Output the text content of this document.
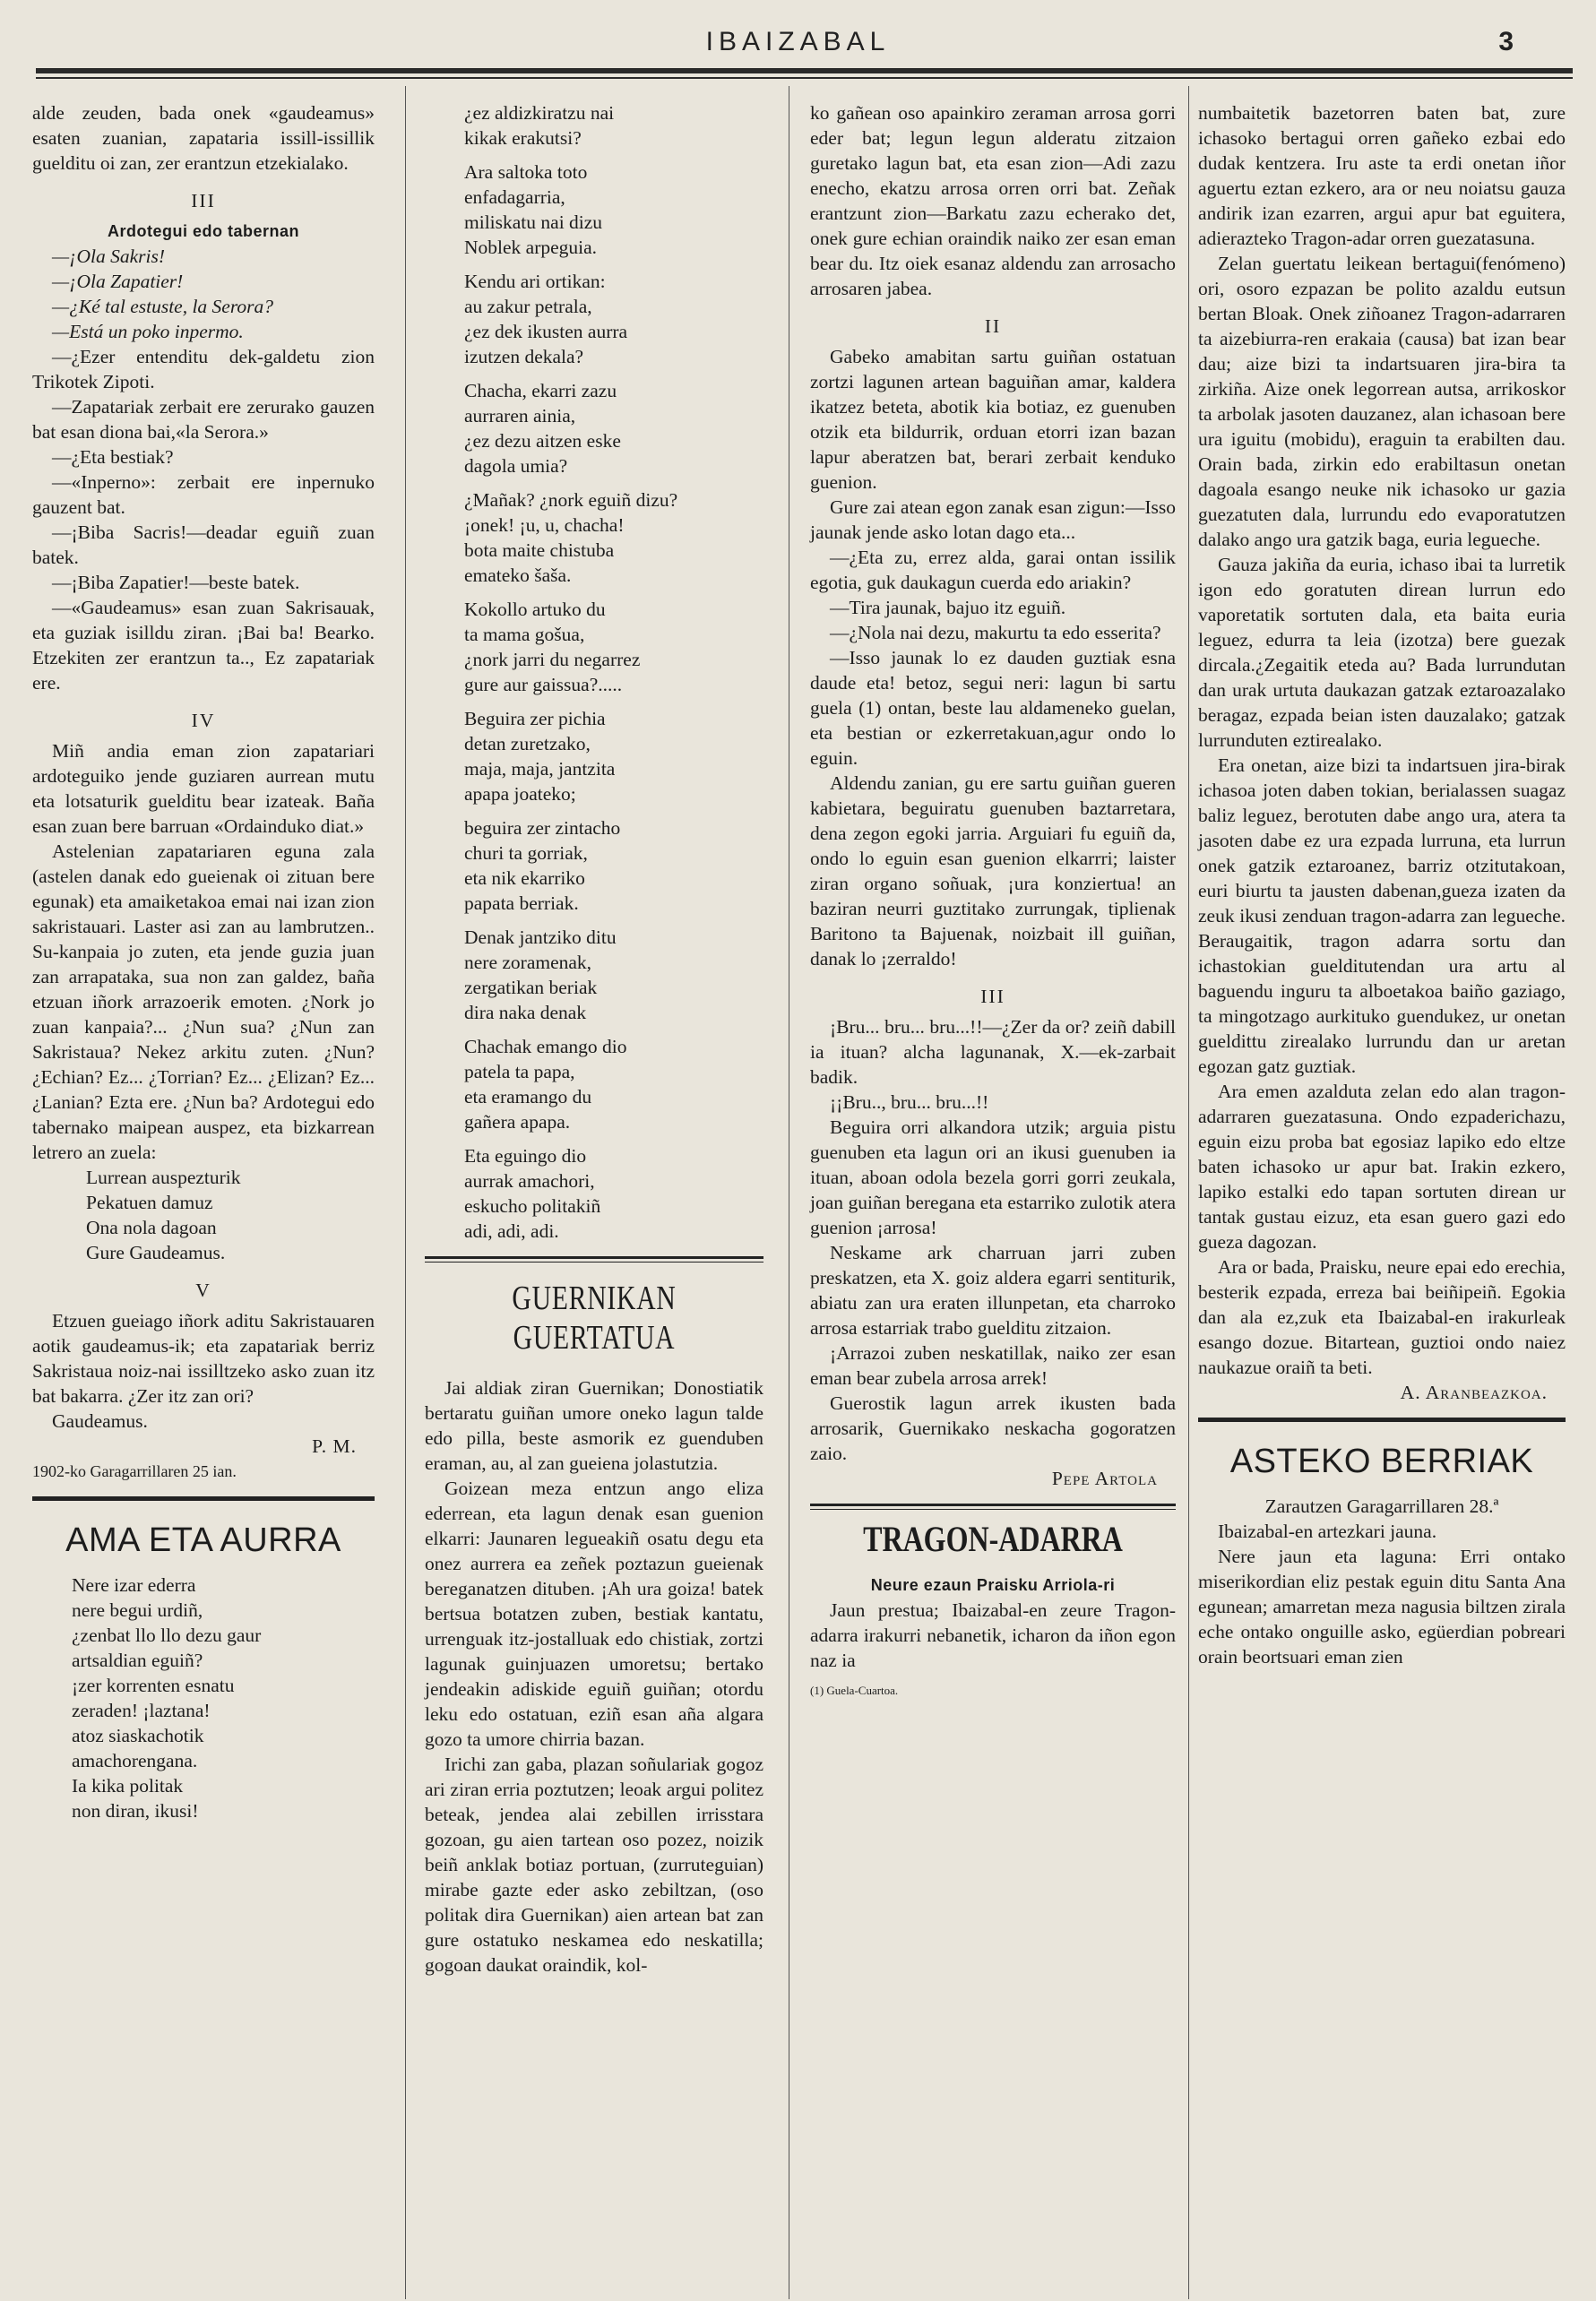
IBAIZABAL	3

alde zeuden, bada onek «gaudeamus» esaten zuanian, zapataria issill-issillik guelditu oi zan, zer erantzun etzekialako.

III

Ardotegui edo tabernan

—¡Ola Sakris!

—¡Ola Zapatier!

—¿Ké tal estuste, la Serora?

—Está un poko inpermo.

—¿Ezer entenditu dek-galdetu zion Trikotek Zipoti.

—Zapatariak zerbait ere zerurako gauzen bat esan diona bai,«la Serora.»

—¿Eta bestiak?

—«Inperno»: zerbait ere inpernuko gauzent bat.

—¡Biba Sacris!—deadar eguiñ zuan batek.

—¡Biba Zapatier!—beste batek.

—«Gaudeamus» esan zuan Sakrisauak, eta guziak isilldu ziran. ¡Bai ba! Bearko. Etzekiten zer erantzun ta.., Ez zapatariak ere.

IV

Miñ andia eman zion zapatariari ardoteguiko jende guziaren aurrean mutu eta lotsaturik guelditu bear izateak. Baña esan zuan bere barruan «Ordainduko diat.»

Astelenian zapatariaren eguna zala (astelen danak edo gueienak oi zituan bere egunak) eta amaiketakoa emai nai izan zion sakristauari. Laster asi zan au lambrutzen.. Su-kanpaia jo zuten, eta jende guzia juan zan arrapataka, sua non zan galdez, baña etzuan iñork arrazoerik emoten. ¿Nork jo zuan kanpaia?... ¿Nun sua? ¿Nun zan Sakristaua? Nekez arkitu zuten. ¿Nun? ¿Echian? Ez... ¿Torrian? Ez... ¿Elizan? Ez... ¿Lanian? Ezta ere. ¿Nun ba? Ardotegui edo tabernako maipean auspez, eta bizkarrean letrero an zuela:

Lurrean auspezturik

Pekatuen damuz

Ona nola dagoan

Gure Gaudeamus.

V

Etzuen gueiago iñork aditu Sakristauaren aotik gaudeamus-ik; eta zapatariak berriz Sakristaua noiz-nai issilltzeko asko zuan itz bat bakarra. ¿Zer itz zan ori?

Gaudeamus.

P. M.

1902-ko Garagarrillaren 25 ian.

AMA ETA AURRA

Nere izar ederra

nere begui urdiñ,

¿zenbat llo llo dezu gaur

artsaldian eguiñ?

¡zer korrenten esnatu

zeraden! ¡laztana!

atoz siaskachotik

amachorengana.

Ia kika politak

non diran, ikusi!

¿ez aldizkiratzu nai

kikak erakutsi?

Ara saltoka toto

enfadagarria,

miliskatu nai dizu

Noblek arpeguia.

Kendu ari ortikan:

au zakur petrala,

¿ez dek ikusten aurra

izutzen dekala?

Chacha, ekarri zazu

aurraren ainia,

¿ez dezu aitzen eske

dagola umia?

¿Mañak? ¿nork eguiñ dizu?

¡onek! ¡u, u, chacha!

bota maite chistuba

emateko šaša.

Kokollo artuko du

ta mama gošua,

¿nork jarri du negarrez

gure aur gaissua?.....

Beguira zer pichia

detan zuretzako,

maja, maja, jantzita

apapa joateko;

beguira zer zintacho

churi ta gorriak,

eta nik ekarriko

papata berriak.

Denak jantziko ditu

nere zoramenak,

zergatikan beriak

dira naka denak

Chachak emango dio

patela ta papa,

eta eramango du

gañera apapa.

Eta eguingo dio

aurrak amachori,

eskucho politakiñ

adi, adi, adi.

GUERNIKAN GUERTATUA

Jai aldiak ziran Guernikan; Donostiatik bertaratu guiñan umore oneko lagun talde edo pilla, beste asmorik ez guenduben eraman, au, al zan gueiena jolastutzia.

Goizean meza entzun ango eliza ederrean, eta lagun denak esan guenion elkarri: Jaunaren legueakiñ osatu degu eta onez aurrera ea zeñek poztazun gueienak bereganatzen dituben. ¡Ah ura goiza! batek bertsua botatzen zuben, bestiak kantatu, urrenguak itz-jostalluak edo chistiak, zortzi lagunak guinjuazen umoretsu; bertako jendeakin adiskide eguiñ guiñan; otordu leku edo ostatuan, eziñ esan aña algara gozo ta umore chirria bazan.

Irichi zan gaba, plazan soñulariak gogoz ari ziran erria poztutzen; leoak argui politez beteak, jendea alai zebillen irrisstara gozoan, gu aien tartean oso pozez, noizik beiñ anklak botiaz portuan, (zurruteguian) mirabe gazte eder asko zebiltzan, (oso politak dira Guernikan) aien artean bat zan gure ostatuko neskamea edo neskatilla; gogoan daukat oraindik, kol-

ko gañean oso apainkiro zeraman arrosa gorri eder bat; legun legun alderatu zitzaion guretako lagun bat, eta esan zion—Adi zazu enecho, ekatzu arrosa orren orri bat. Zeñak erantzunt zion—Barkatu zazu echerako det, onek gure echian oraindik naiko zer esan eman bear du. Itz oiek esanaz aldendu zan arrosacho arrosaren jabea.

II

Gabeko amabitan sartu guiñan ostatuan zortzi lagunen artean baguiñan amar, kaldera ikatzez beteta, abotik kia botiaz, ez guenuben otzik eta bildurrik, orduan etorri izan bazan lapur aberatzen bat, berari zerbait kenduko guenion.

Gure zai atean egon zanak esan zigun:—Isso jaunak jende asko lotan dago eta...

—¿Eta zu, errez alda, garai ontan issilik egotia, guk daukagun cuerda edo ariakin?

—Tira jaunak, bajuo itz eguiñ.

—¿Nola nai dezu, makurtu ta edo esserita?

—Isso jaunak lo ez dauden guztiak esna daude eta! betoz, segui neri: lagun bi sartu guela (1) ontan, beste lau aldameneko guelan, eta bestian or ezkerretakuan,agur ondo lo eguin.

Aldendu zanian, gu ere sartu guiñan gueren kabietara, beguiratu guenuben baztarretara, dena zegon egoki jarria. Arguiari fu eguiñ da, ondo lo eguin esan guenion elkarrri; laister ziran organo soñuak, ¡ura konziertua! an baziran neurri guztitako zurrungak, tiplienak Baritono ta Bajuenak, noizbait ill guiñan, danak lo ¡zerraldo!

III

¡Bru... bru... bru...!!—¿Zer da or? zeiñ dabill ia ituan? alcha lagunanak, X.—ek-zarbait badik.

¡¡Bru.., bru... bru...!!

Beguira orri alkandora utzik; arguia pistu guenuben eta lagun ori an ikusi guenuben ia ituan, aboan odola bezela gorri gorri zeukala, joan guiñan beregana eta estarriko zulotik atera guenion ¡arrosa!

Neskame ark charruan jarri zuben preskatzen, eta X. goiz aldera egarri sentiturik, abiatu zan ura eraten illunpetan, eta charroko arrosa estarriak trabo guelditu zitzaion.

¡Arrazoi zuben neskatillak, naiko zer esan eman bear zubela arrosa arrek!

Guerostik lagun arrek ikusten bada arrosarik, Guernikako neskacha gogoratzen zaio.

Pepe Artola

TRAGON-ADARRA

Neure ezaun Praisku Arriola-ri

Jaun prestua; Ibaizabal-en zeure Tragon-adarra irakurri nebanetik, icharon da iñon egon naz ia

(1) Guela-Cuartoa.

numbaitetik bazetorren baten bat, zure ichasoko bertagui orren gañeko ezbai edo dudak kentzera. Iru aste ta erdi onetan iñor aguertu eztan ezkero, ara or neu noiatsu gauza andirik izan ezarren, argui apur bat eguitera, adierazteko Tragon-adar orren guezatasuna.

Zelan guertatu leikean bertagui(fenómeno) ori, osoro ezpazan be polito azaldu eutsun bertan Bloak. Onek ziñoanez Tragon-adarraren ta aizebiurra-ren erakaia (causa) bat izan bear dau; aize bizi ta indartsuaren jira-bira ta zirkiña. Aize onek legorrean autsa, arrikoskor ta arbolak jasoten dauzanez, alan ichasoan bere ura iguitu (mobidu), eraguin ta erabilten dau. Orain bada, zirkin edo erabiltasun onetan dagoala esango neuke nik ichasoko ur gazia guezatuten dala, lurrundu edo evaporatutzen dalako ango ura gatzik baga, euria legueche.

Gauza jakiña da euria, ichaso ibai ta lurretik igon edo goratuten direan lurrun edo vaporetatik sortuten dala, eta baita euria leguez, edurra ta leia (izotza) bere guezak dircala.¿Zegaitik eteda au? Bada lurrundutan dan urak urtuta daukazan gatzak eztaroazalako beragaz, ezpada beian isten dauzalako; gatzak lurrunduten eztirealako.

Era onetan, aize bizi ta indartsuen jira-birak ichasoa joten daben tokian, berialassen suagaz baliz leguez, berotuten dabe ango ura, atera ta jasoten dabe ez ura ezpada lurruna, eta lurrun onek gatzik eztaroanez, barriz otzitutakoan, euri biurtu ta jausten dabenan,gueza izaten da zeuk ikusi zenduan tragon-adarra zan legueche. Beraugaitik, tragon adarra sortu dan ichastokian guelditutendan ura artu al baguendu inguru ta alboetakoa baiño gaziago, ta mingotzago aurkituko guendukez, ur onetan gueldittu zirealako lurrundu dan ur aretan egozan gatz guztiak.

Ara emen azalduta zelan edo alan tragon-adarraren guezatasuna. Ondo ezpaderichazu, eguin eizu proba bat egosiaz lapiko edo eltze baten ichasoko ur apur bat. Irakin ezkero, lapiko estalki edo tapan sortuten direan ur tantak gustau eizuz, eta esan guero gazi edo gueza dagozan.

Ara or bada, Praisku, neure epai edo erechia, besterik ezpada, erreza bai beiñipeiñ. Egokia dan ala ez,zuk eta Ibaizabal-en irakurleak esango dozue. Bitartean, guztioi ondo naiez naukazue oraiñ ta beti.

A. Aranbeazkoa.

ASTEKO BERRIAK

Zarautzen Garagarrillaren 28.ª

Ibaizabal-en artezkari jauna.

Nere jaun eta laguna: Erri ontako miserikordian eliz pestak eguin ditu Santa Ana egunean; amarretan meza nagusia biltzen zirala eche ontako onguille asko, egüerdian pobreari orain beortsuari eman zien
